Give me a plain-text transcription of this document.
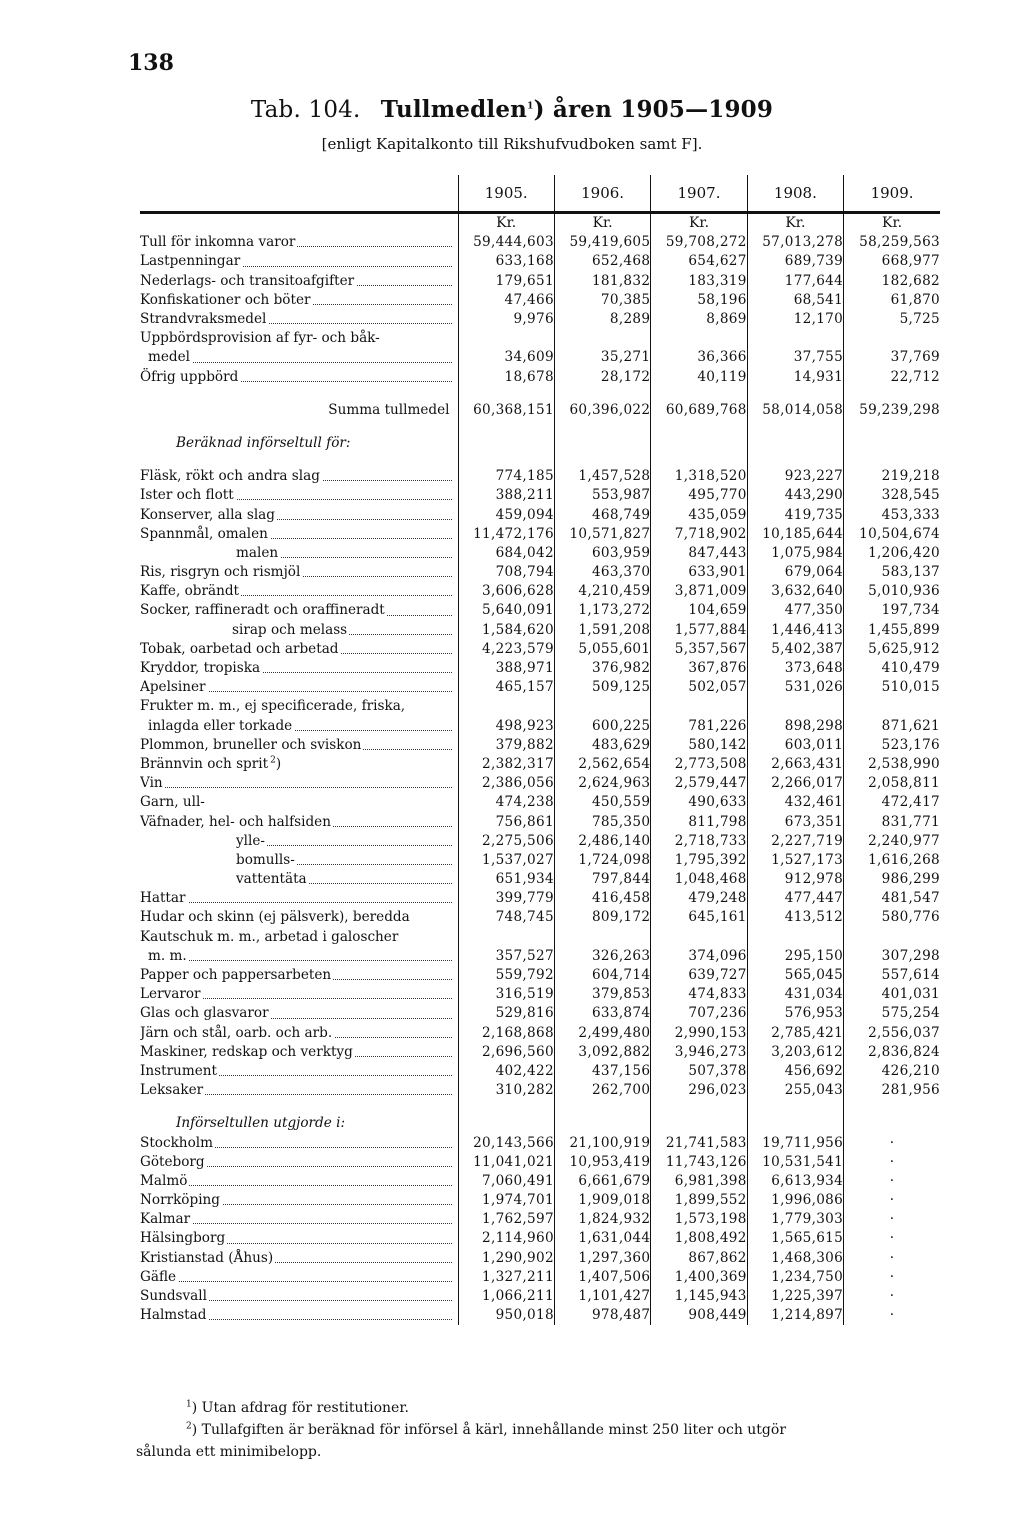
138
Tab. 104. Tullmedlen$^1$) åren 1905—1909
[enligt Kapitalkonto till Rikshufvudboken samt F].
	1905.	1906.	1907.	1908.	1909.
	Kr.	Kr.	Kr.	Kr.	Kr.
Tull för inkomna varor	59,444,603	59,419,605	59,708,272	57,013,278	58,259,563
Lastpenningar	633,168	652,468	654,627	689,739	668,977
Nederlags- och transitoafgifter	179,651	181,832	183,319	177,644	182,682
Konfiskationer och böter	47,466	70,385	58,196	68,541	61,870
Strandvraksmedel	9,976	8,289	8,869	12,170	5,725
Uppbördsprovision af fyr- och båk-					
medel	34,609	35,271	36,366	37,755	37,769
Öfrig uppbörd	18,678	28,172	40,119	14,931	22,712

Summa tullmedel	60,368,151	60,396,022	60,689,768	58,014,058	59,239,298

Beräknad införseltull för:					

Fläsk, rökt och andra slag	774,185	1,457,528	1,318,520	923,227	219,218
Ister och flott	388,211	553,987	495,770	443,290	328,545
Konserver, alla slag	459,094	468,749	435,059	419,735	453,333
Spannmål, omalen	11,472,176	10,571,827	7,718,902	10,185,644	10,504,674
malen	684,042	603,959	847,443	1,075,984	1,206,420
Ris, risgryn och rismjöl	708,794	463,370	633,901	679,064	583,137
Kaffe, obrändt	3,606,628	4,210,459	3,871,009	3,632,640	5,010,936
Socker, raffineradt och oraffineradt	5,640,091	1,173,272	104,659	477,350	197,734
sirap och melass	1,584,620	1,591,208	1,577,884	1,446,413	1,455,899
Tobak, oarbetad och arbetad	4,223,579	5,055,601	5,357,567	5,402,387	5,625,912
Kryddor, tropiska	388,971	376,982	367,876	373,648	410,479
Apelsiner	465,157	509,125	502,057	531,026	510,015
Frukter m. m., ej specificerade, friska,					
inlagda eller torkade	498,923	600,225	781,226	898,298	871,621
Plommon, bruneller och sviskon	379,882	483,629	580,142	603,011	523,176
Brännvin och sprit $^2$)	2,382,317	2,562,654	2,773,508	2,663,431	2,538,990
Vin	2,386,056	2,624,963	2,579,447	2,266,017	2,058,811
Garn, ull-	474,238	450,559	490,633	432,461	472,417
Väfnader, hel- och halfsiden	756,861	785,350	811,798	673,351	831,771
ylle-	2,275,506	2,486,140	2,718,733	2,227,719	2,240,977
bomulls-	1,537,027	1,724,098	1,795,392	1,527,173	1,616,268
vattentäta	651,934	797,844	1,048,468	912,978	986,299
Hattar	399,779	416,458	479,248	477,447	481,547
Hudar och skinn (ej pälsverk), beredda	748,745	809,172	645,161	413,512	580,776
Kautschuk m. m., arbetad i galoscher					
m. m.	357,527	326,263	374,096	295,150	307,298
Papper och pappersarbeten	559,792	604,714	639,727	565,045	557,614
Lervaror	316,519	379,853	474,833	431,034	401,031
Glas och glasvaror	529,816	633,874	707,236	576,953	575,254
Järn och stål, oarb. och arb.	2,168,868	2,499,480	2,990,153	2,785,421	2,556,037
Maskiner, redskap och verktyg	2,696,560	3,092,882	3,946,273	3,203,612	2,836,824
Instrument	402,422	437,156	507,378	456,692	426,210
Leksaker	310,282	262,700	296,023	255,043	281,956

Införseltullen utgjorde i:					
Stockholm	20,143,566	21,100,919	21,741,583	19,711,956	·
Göteborg	11,041,021	10,953,419	11,743,126	10,531,541	·
Malmö	7,060,491	6,661,679	6,981,398	6,613,934	·
Norrköping	1,974,701	1,909,018	1,899,552	1,996,086	·
Kalmar	1,762,597	1,824,932	1,573,198	1,779,303	·
Hälsingborg	2,114,960	1,631,044	1,808,492	1,565,615	·
Kristianstad (Åhus)	1,290,902	1,297,360	867,862	1,468,306	·
Gäfle	1,327,211	1,407,506	1,400,369	1,234,750	·
Sundsvall	1,066,211	1,101,427	1,145,943	1,225,397	·
Halmstad	950,018	978,487	908,449	1,214,897	·
$^1$) Utan afdrag för restitutioner.
$^2$) Tullafgiften är beräknad för införsel å kärl, innehållande minst 250 liter och utgör
sålunda ett minimibelopp.
